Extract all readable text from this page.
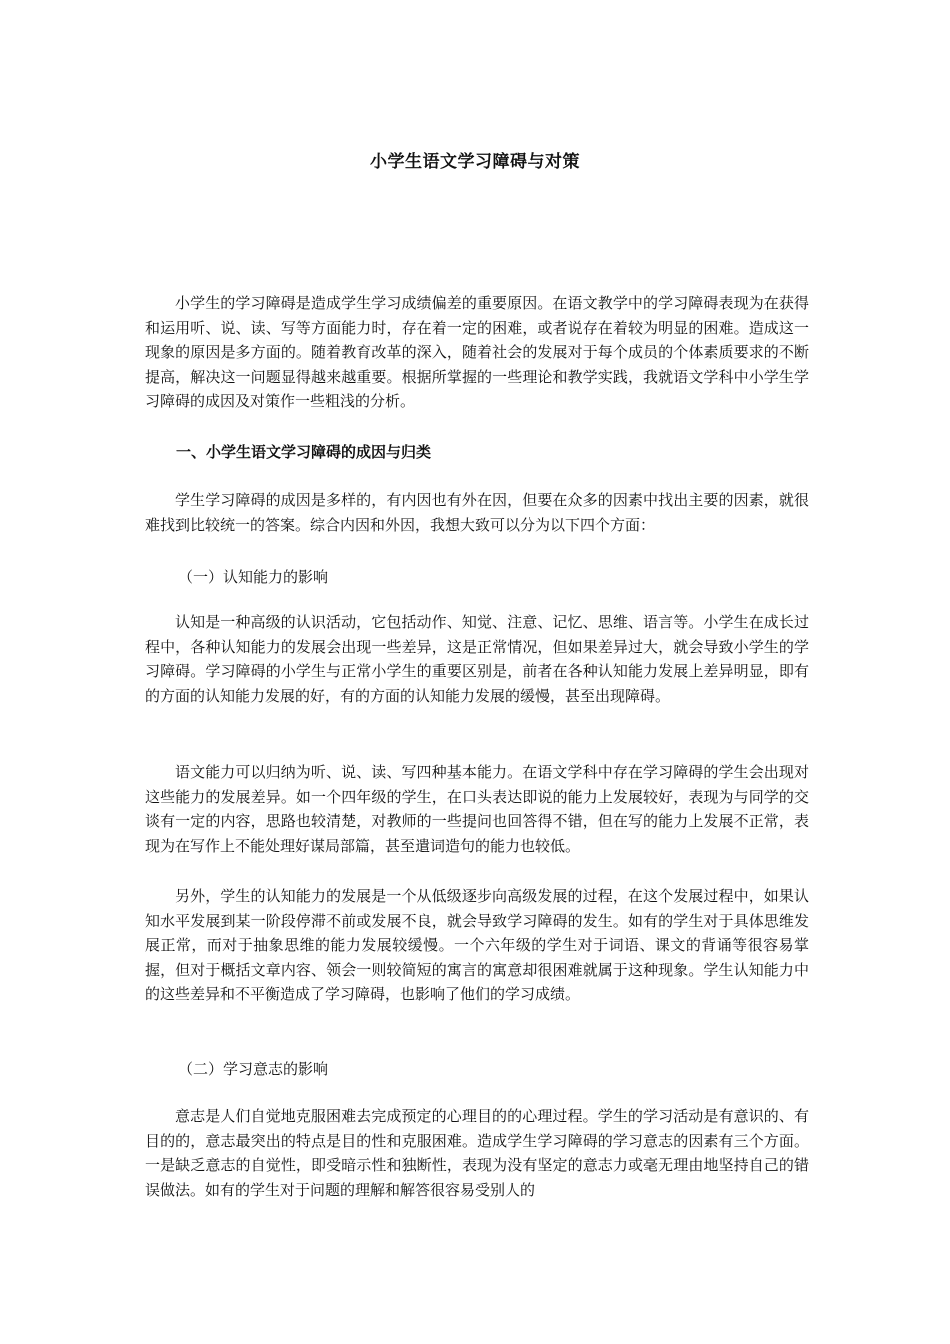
小学生语文学习障碍与对策

小学生的学习障碍是造成学生学习成绩偏差的重要原因。在语文教学中的学习障碍表现为在获得和运用听、说、读、写等方面能力时，存在着一定的困难，或者说存在着较为明显的困难。造成这一现象的原因是多方面的。随着教育改革的深入，随着社会的发展对于每个成员的个体素质要求的不断提高，解决这一问题显得越来越重要。根据所掌握的一些理论和教学实践，我就语文学科中小学生学习障碍的成因及对策作一些粗浅的分析。

一、小学生语文学习障碍的成因与归类

学生学习障碍的成因是多样的，有内因也有外在因，但要在众多的因素中找出主要的因素，就很难找到比较统一的答案。综合内因和外因，我想大致可以分为以下四个方面：

（一）认知能力的影响

认知是一种高级的认识活动，它包括动作、知觉、注意、记忆、思维、语言等。小学生在成长过程中，各种认知能力的发展会出现一些差异，这是正常情况，但如果差异过大，就会导致小学生的学习障碍。学习障碍的小学生与正常小学生的重要区别是，前者在各种认知能力发展上差异明显，即有的方面的认知能力发展的好，有的方面的认知能力发展的缓慢，甚至出现障碍。

语文能力可以归纳为听、说、读、写四种基本能力。在语文学科中存在学习障碍的学生会出现对这些能力的发展差异。如一个四年级的学生，在口头表达即说的能力上发展较好，表现为与同学的交谈有一定的内容，思路也较清楚，对教师的一些提问也回答得不错，但在写的能力上发展不正常，表现为在写作上不能处理好谋局部篇，甚至遣词造句的能力也较低。

另外，学生的认知能力的发展是一个从低级逐步向高级发展的过程，在这个发展过程中，如果认知水平发展到某一阶段停滞不前或发展不良，就会导致学习障碍的发生。如有的学生对于具体思维发展正常，而对于抽象思维的能力发展较缓慢。一个六年级的学生对于词语、课文的背诵等很容易掌握，但对于概括文章内容、领会一则较简短的寓言的寓意却很困难就属于这种现象。学生认知能力中的这些差异和不平衡造成了学习障碍，也影响了他们的学习成绩。

（二）学习意志的影响

意志是人们自觉地克服困难去完成预定的心理目的的心理过程。学生的学习活动是有意识的、有目的的，意志最突出的特点是目的性和克服困难。造成学生学习障碍的学习意志的因素有三个方面。一是缺乏意志的自觉性，即受暗示性和独断性，表现为没有坚定的意志力或毫无理由地坚持自己的错误做法。如有的学生对于问题的理解和解答很容易受别人的
